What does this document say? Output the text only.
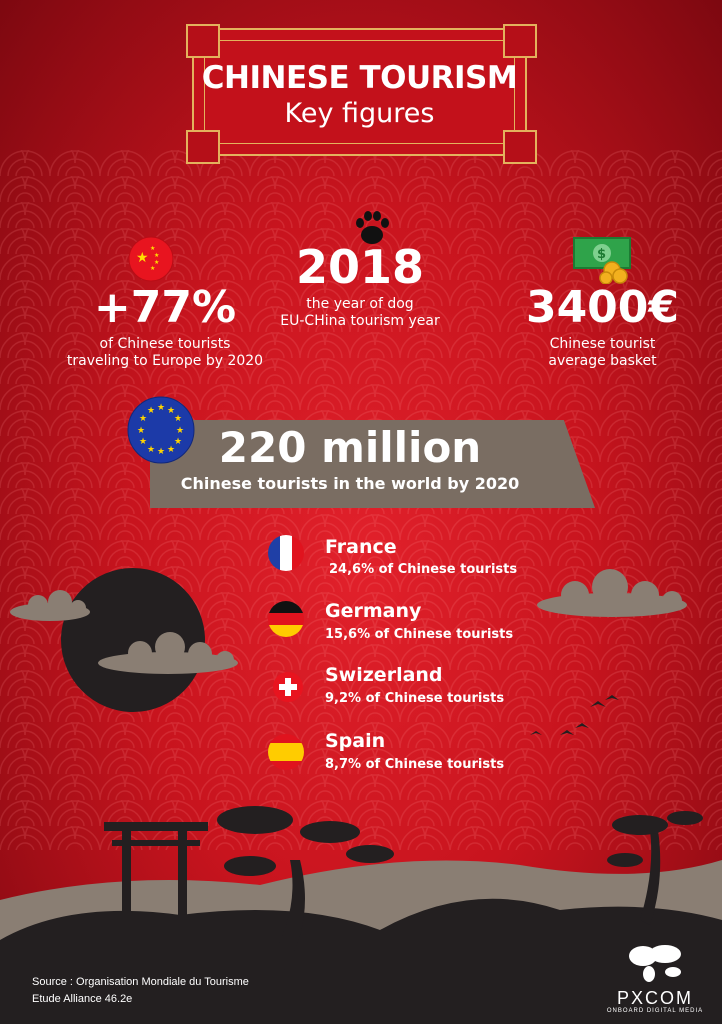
CHINESE TOURISM
Key figures
★
★
★
★
★
+77%
of Chinese tourists
traveling to Europe by 2020
2018
the year of dog
EU-CHina tourism year
$
3400€
Chinese tourist
average basket
★ ★
★
★
★
★
★
★
★
★
★
★
220 million
Chinese tourists in the world by 2020
France
24,6% of Chinese tourists
Germany
15,6% of Chinese tourists
Swizerland
9,2% of Chinese tourists
Spain
8,7% of Chinese tourists
Source : Organisation Mondiale du Tourisme
Etude Alliance 46.2e	PXCOM
ONBOARD DIGITAL MEDIA
